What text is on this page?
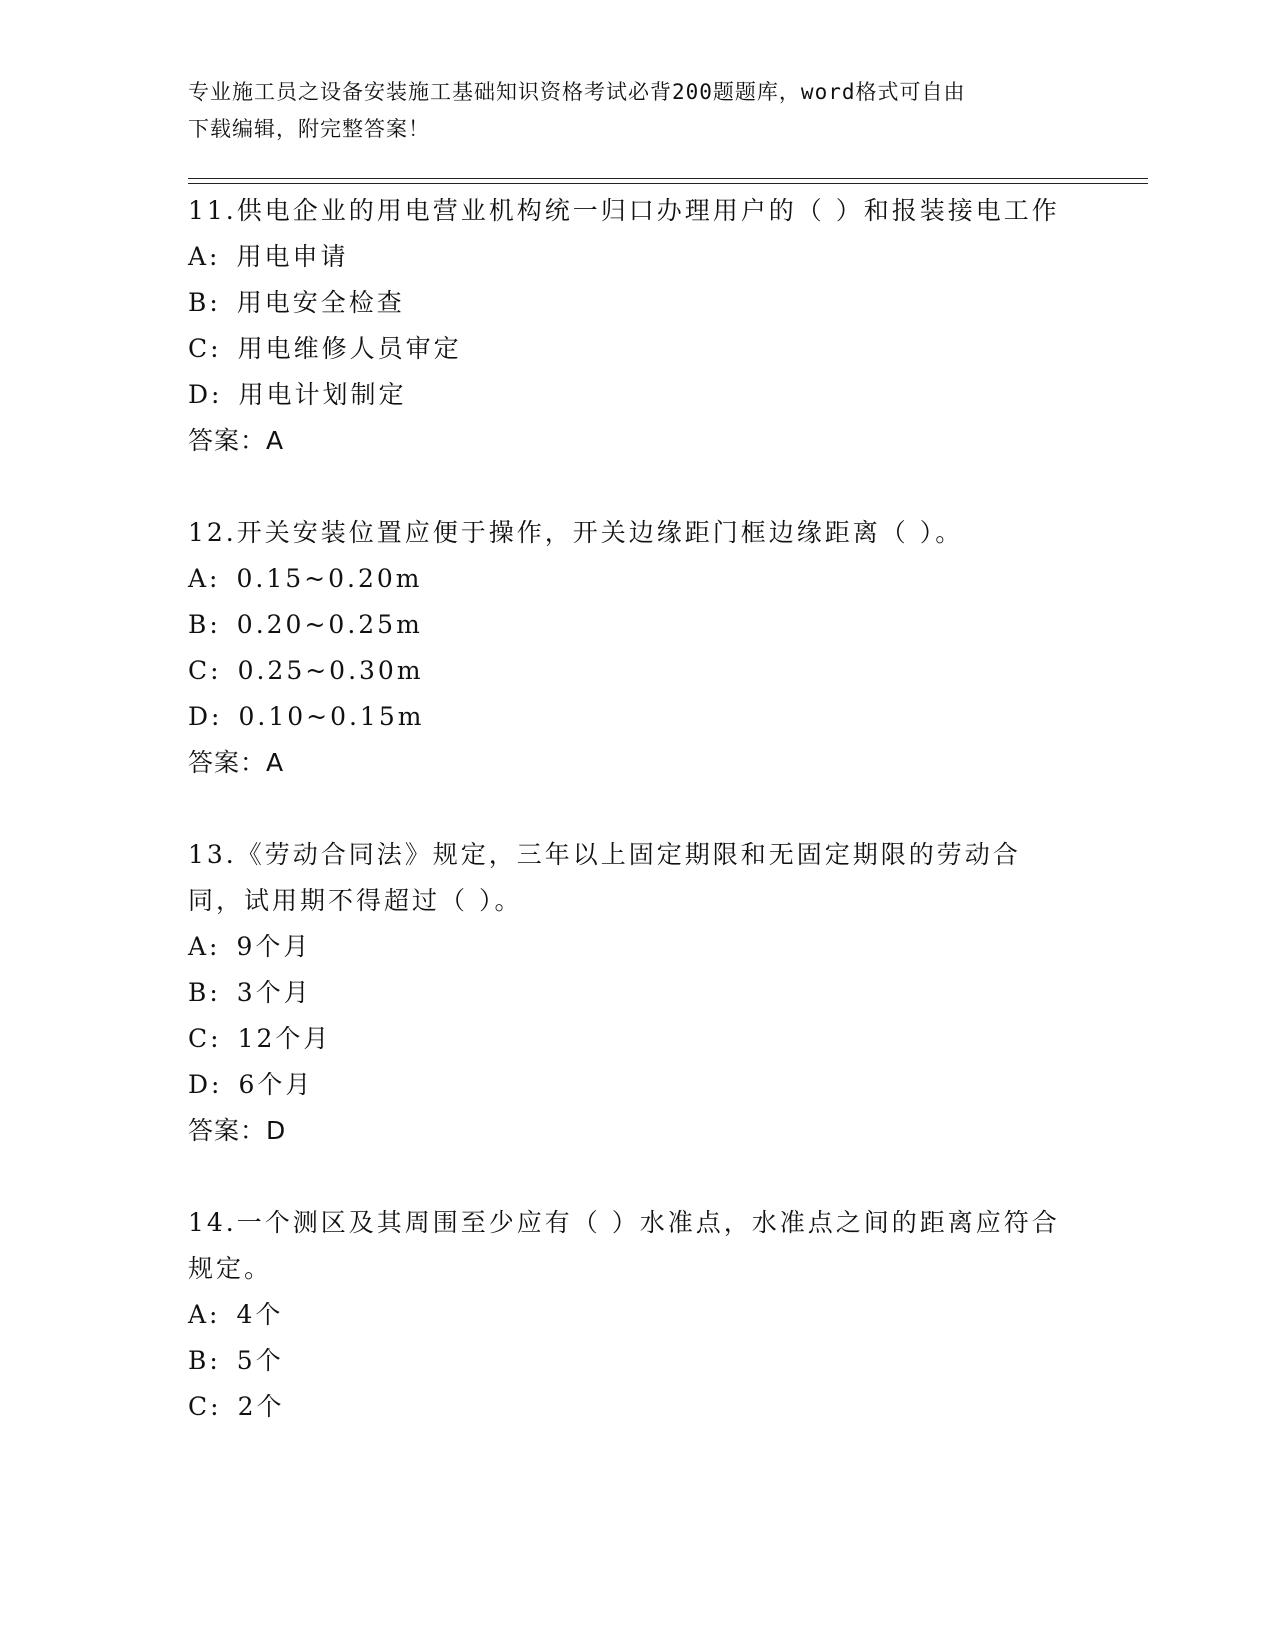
专业施工员之设备安装施工基础知识资格考试必背200题题库，word格式可自由
下载编辑，附完整答案！
11.供电企业的用电营业机构统一归口办理用户的（ ）和报装接电工作
A: 用电申请
B: 用电安全检查
C: 用电维修人员审定
D: 用电计划制定
答案：A
12.开关安装位置应便于操作，开关边缘距门框边缘距离（ ）。
A: 0.15~0.20m
B: 0.20~0.25m
C: 0.25~0.30m
D: 0.10~0.15m
答案：A
13.《劳动合同法》规定，三年以上固定期限和无固定期限的劳动合同，试用期不得超过（ ）。
A: 9个月
B: 3个月
C: 12个月
D: 6个月
答案：D
14.一个测区及其周围至少应有（ ）水准点，水准点之间的距离应符合规定。
A: 4个
B: 5个
C: 2个
